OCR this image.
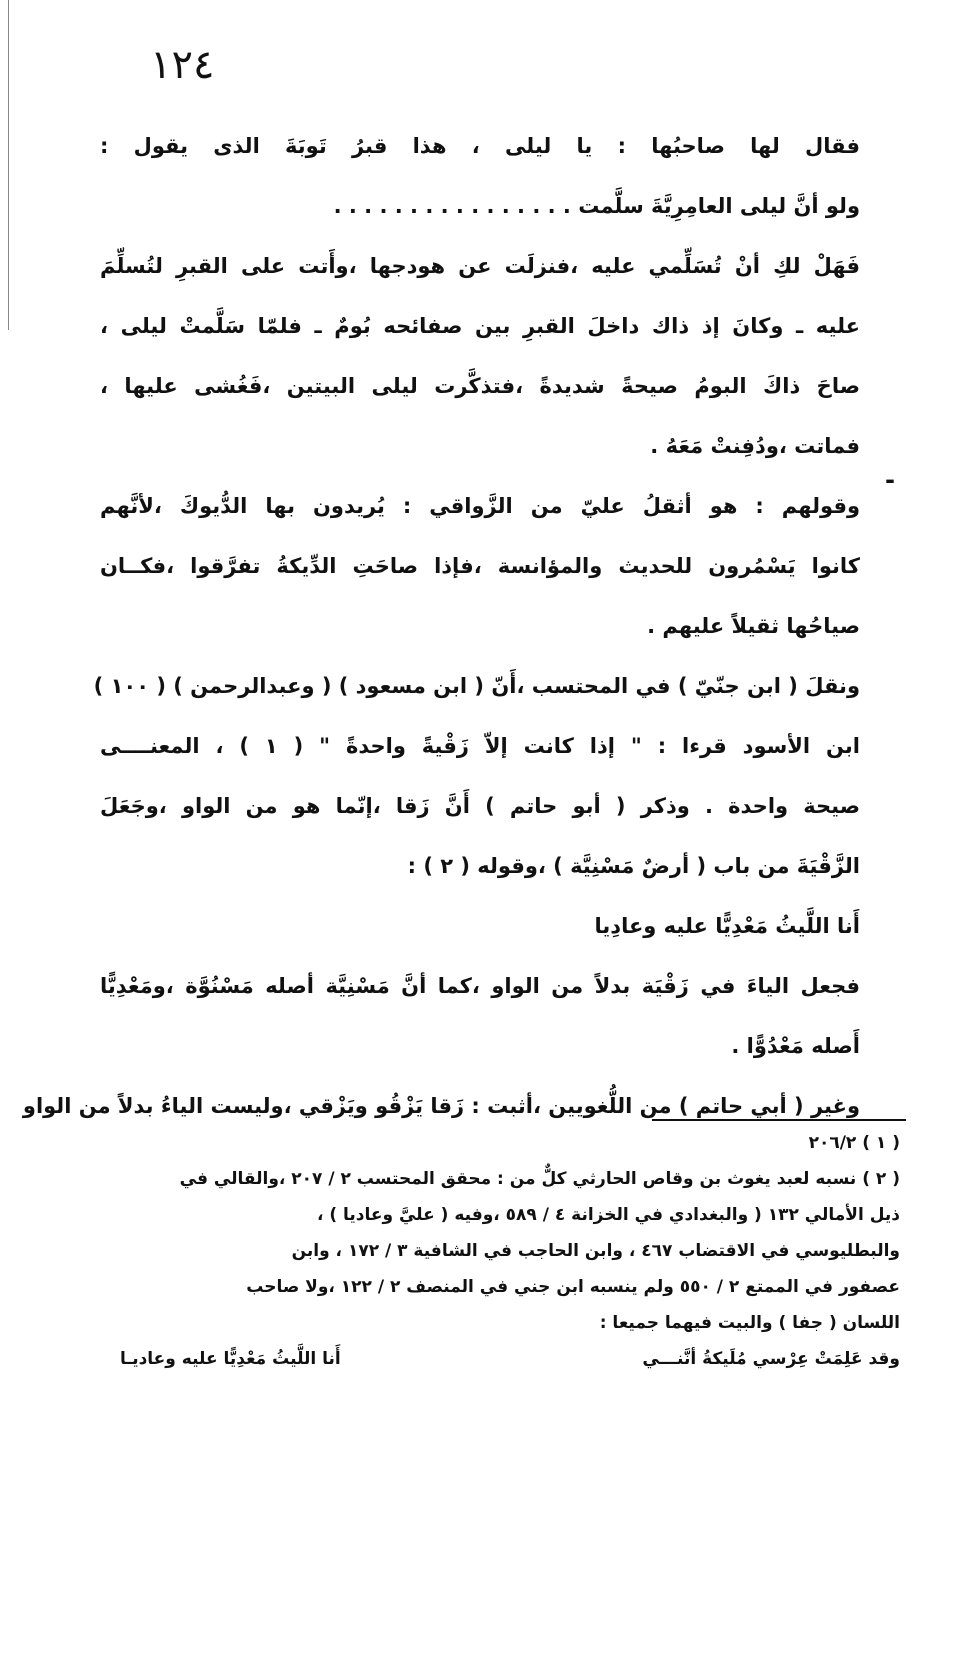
١٢٤
-
فقال لها صاحبُها : يا ليلى ، هذا قبرُ تَوبَةَ الذى يقول :
ولو أنَّ ليلى العامِرِيَّةَ سلَّمت . . . . . . . . . . . . . . . .
فَهَلْ لكِ أنْ تُسَلِّمي عليه ،فنزلَت عن هودجها ،وأَتت على القبرِ لتُسلِّمَ
عليه ـ وكانَ إذ ذاك داخلَ القبرِ بين صفائحه بُومٌ ـ فلمّا سَلَّمتْ ليلى ،
صاحَ ذاكَ البومُ صيحةً شديدةً ،فتذكَّرت ليلى البيتين ،فَغُشى عليها ،
فماتت ،ودُفِنتْ مَعَهُ .
وقولهم : هو أثقلُ عليّ من الزَّواقي : يُريدون بها الدُّيوكَ ،لأنَّهم
كانوا يَسْمُرون للحديث والمؤانسة ،فإذا صاحَتِ الدِّيكةُ تفرَّقوا ،فكــان
صياحُها ثقيلاً عليهم .
ونقلَ ( ابن جنّيّ ) في المحتسب ،أَنّ ( ابن مسعود ) ( وعبدالرحمن ) ( ١٠٠ )
ابن الأسود قرءا : " إذا كانت إلاّ زَقْيةً واحدةً " ( ١ ) ، المعنــــى
صيحة واحدة . وذكر ( أبو حاتم ) أَنَّ زَقا ،إنّما هو من الواو ،وجَعَلَ
الزَّقْيَةَ من باب ( أرضٌ مَسْنِيَّة ) ،وقوله ( ٢ ) :
أَنا اللَّيثُ مَعْدِيًّا عليه وعادِيا
فجعل الياءَ في زَقْيَة بدلاً من الواو ،كما أنَّ مَسْنِيَّة أصله مَسْنُوَّة ،ومَعْدِيًّا
أَصله مَعْدُوًّا .
وغير ( أبي حاتم ) من اللُّغويين ،أثبت : زَقا يَزْقُو ويَزْقي ،وليست الياءُ بدلاً من الواو
( ١ ) ٢٠٦/٢
( ٢ ) نسبه لعبد يغوث بن وقاص الحارثي كلٌّ من : محقق المحتسب ٢ / ٢٠٧ ،والقالي في
ذيل الأمالي ١٣٢ ( والبغدادي في الخزانة ٤ / ٥٨٩ ،وفيه ( عليَّ وعاديا ) ،
والبطليوسي في الاقتضاب ٤٦٧ ، وابن الحاجب في الشافية ٣ / ١٧٢ ، وابن
عصفور في الممتع ٢ / ٥٥٠ ولم ينسبه ابن جني في المنصف ٢ / ١٢٢ ،ولا صاحب
اللسان ( جفا ) والبيت فيهما جميعا :
وقد عَلِمَتْ عِرْسي مُلَيكةُ أنَّنـــي
أَنا اللَّيثُ مَعْدِيًّا عليه وعاديـا
